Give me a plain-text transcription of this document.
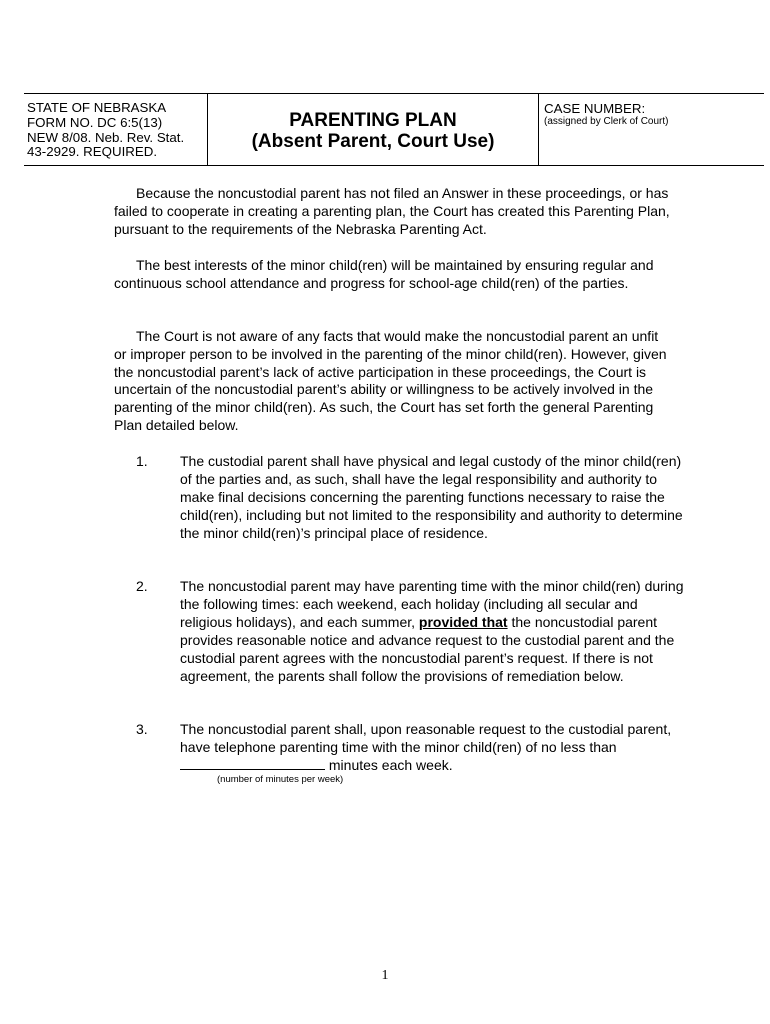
STATE OF NEBRASKA
FORM NO. DC 6:5(13)
NEW 8/08. Neb. Rev. Stat.
43-2929. REQUIRED.
PARENTING PLAN
(Absent Parent, Court Use)
CASE NUMBER:
(assigned by Clerk of Court)

Because the noncustodial parent has not filed an Answer in these proceedings, or has failed to cooperate in creating a parenting plan, the Court has created this Parenting Plan, pursuant to the requirements of the Nebraska Parenting Act.

The best interests of the minor child(ren) will be maintained by ensuring regular and continuous school attendance and progress for school-age child(ren) of the parties.

The Court is not aware of any facts that would make the noncustodial parent an unfit or improper person to be involved in the parenting of the minor child(ren). However, given the noncustodial parent’s lack of active participation in these proceedings, the Court is uncertain of the noncustodial parent’s ability or willingness to be actively involved in the parenting of the minor child(ren). As such, the Court has set forth the general Parenting Plan detailed below.

1. The custodial parent shall have physical and legal custody of the minor child(ren) of the parties and, as such, shall have the legal responsibility and authority to make final decisions concerning the parenting functions necessary to raise the child(ren), including but not limited to the responsibility and authority to determine the minor child(ren)’s principal place of residence.
2. The noncustodial parent may have parenting time with the minor child(ren) during the following times: each weekend, each holiday (including all secular and religious holidays), and each summer, provided that the noncustodial parent provides reasonable notice and advance request to the custodial parent and the custodial parent agrees with the noncustodial parent’s request. If there is not agreement, the parents shall follow the provisions of remediation below.
3. The noncustodial parent shall, upon reasonable request to the custodial parent, have telephone parenting time with the minor child(ren) of no less than  minutes each week.
(number of minutes per week)
1
